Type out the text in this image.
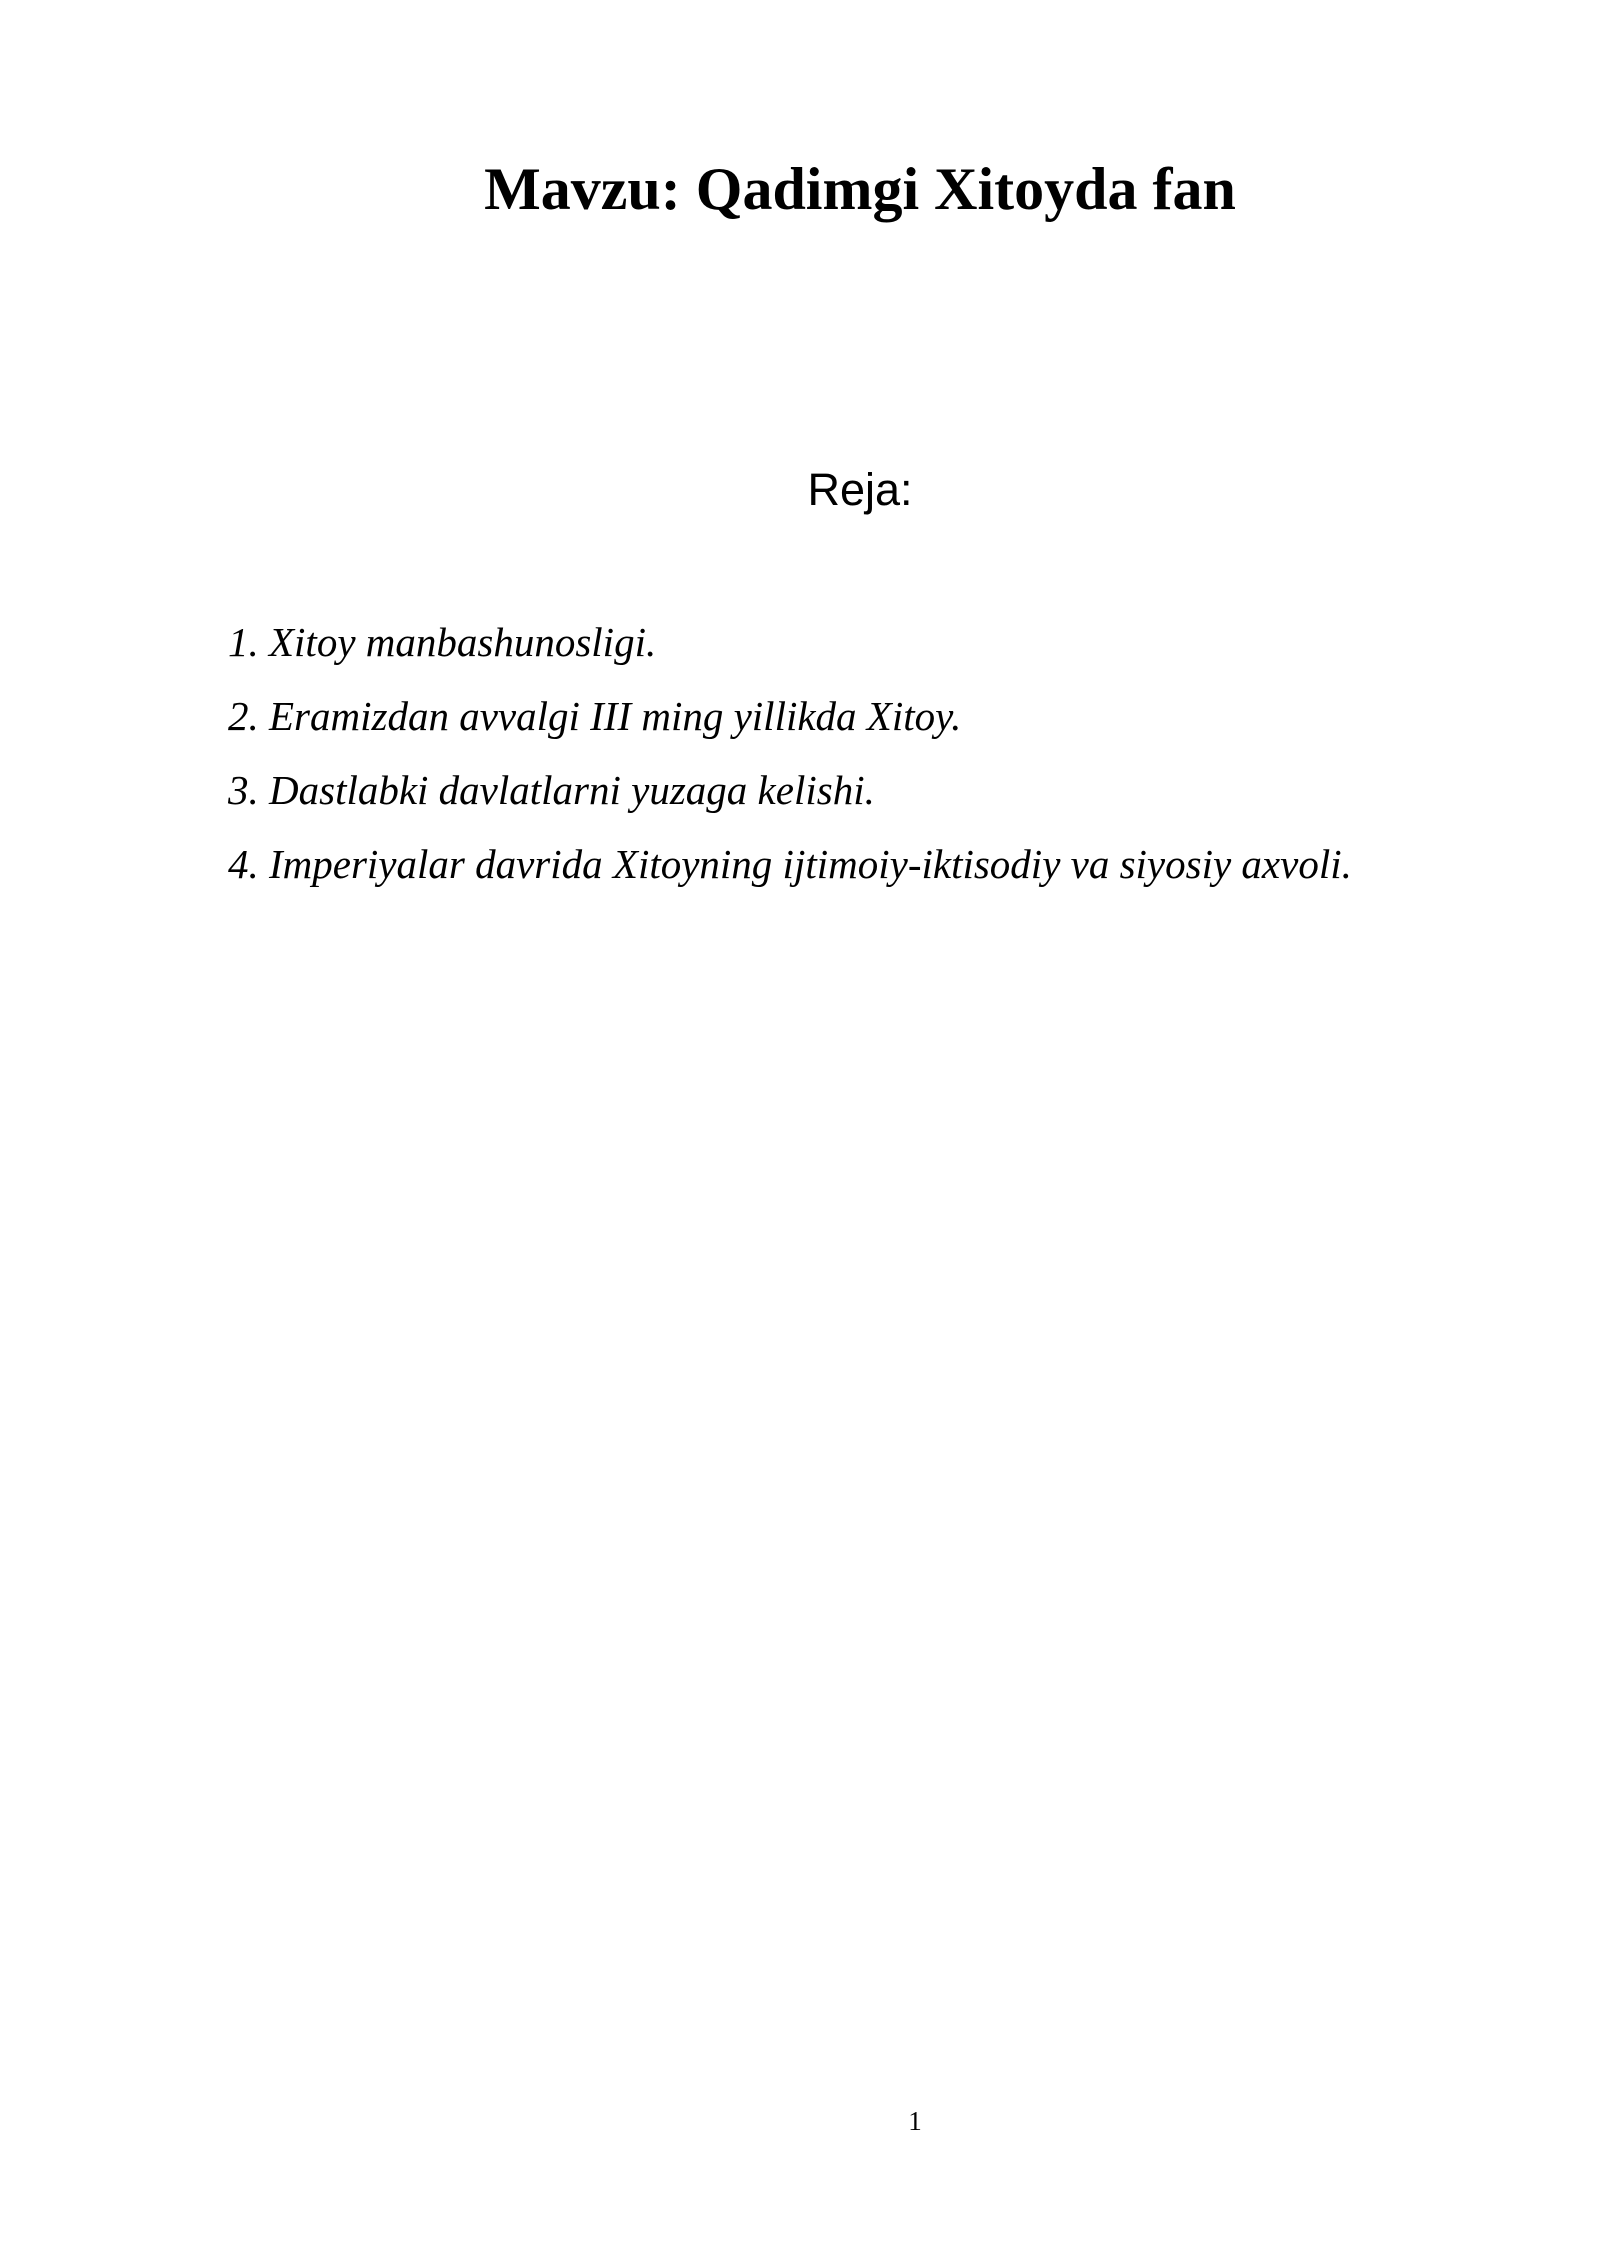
Mavzu: Qadimgi Xitoyda fan
Reja:
1. Xitoy manbashunosligi.
2. Eramizdan avvalgi III ming yillikda Xitoy.
3. Dastlabki davlatlarni yuzaga kelishi.
4. Imperiyalar davrida Xitoyning ijtimoiy-iktisodiy va siyosiy axvoli.
1
